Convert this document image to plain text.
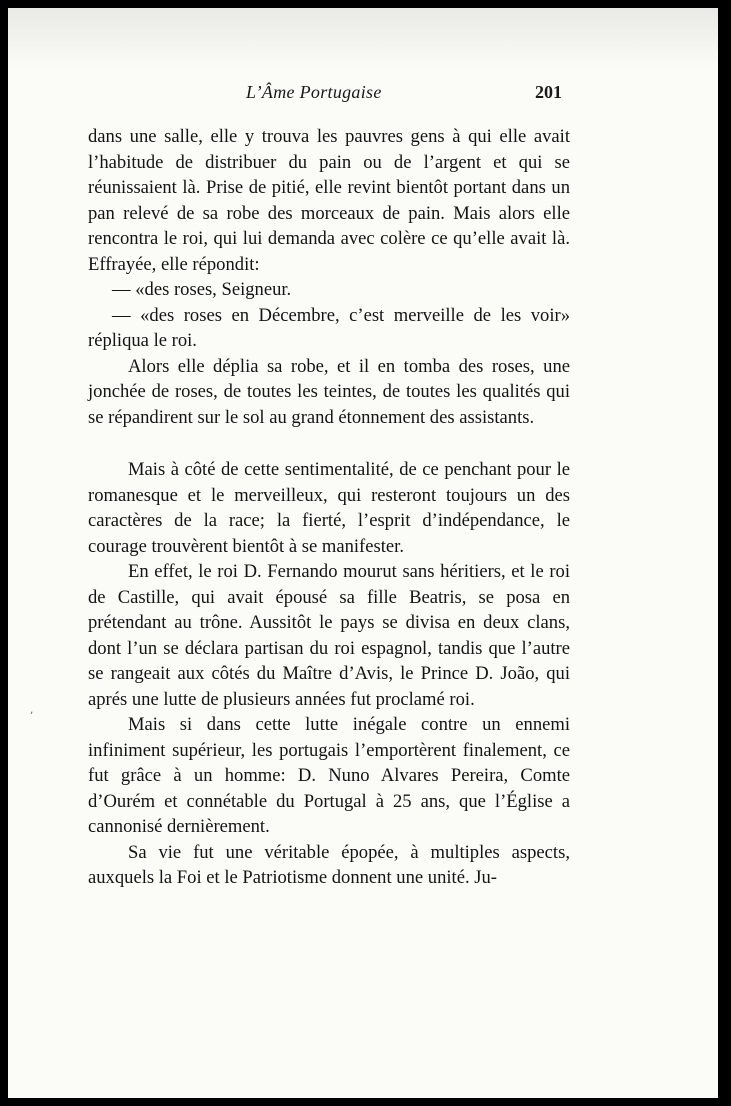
L’Âme Portugaise	201

dans une salle, elle y trouva les pauvres gens à qui elle avait l’habitude de distribuer du pain ou de l’argent et qui se réunissaient là. Prise de pitié, elle revint bientôt portant dans un pan relevé de sa robe des morceaux de pain. Mais alors elle rencontra le roi, qui lui demanda avec colère ce qu’elle avait là. Effrayée, elle répondit:

— «des roses, Seigneur.

— «des roses en Décembre, c’est merveille de les voir» répliqua le roi.

Alors elle déplia sa robe, et il en tomba des roses, une jonchée de roses, de toutes les teintes, de toutes les qualités qui se répandirent sur le sol au grand étonnement des assistants.

Mais à côté de cette sentimentalité, de ce penchant pour le romanesque et le merveilleux, qui resteront toujours un des caractères de la race; la fierté, l’esprit d’indépendance, le courage trouvèrent bientôt à se manifester.

En effet, le roi D. Fernando mourut sans héritiers, et le roi de Castille, qui avait épousé sa fille Beatris, se posa en prétendant au trône. Aussitôt le pays se divisa en deux clans, dont l’un se déclara partisan du roi espagnol, tandis que l’autre se rangeait aux côtés du Maître d’Avis, le Prince D. João, qui aprés une lutte de plusieurs années fut proclamé roi.

Mais si dans cette lutte inégale contre un ennemi infiniment supérieur, les portugais l’emportèrent finalement, ce fut grâce à un homme: D. Nuno Alvares Pereira, Comte d’Ourém et connétable du Portugal à 25 ans, que l’Église a cannonisé dernièrement.

Sa vie fut une véritable épopée, à multiples aspects, auxquels la Foi et le Patriotisme donnent une unité. Ju-

‚
